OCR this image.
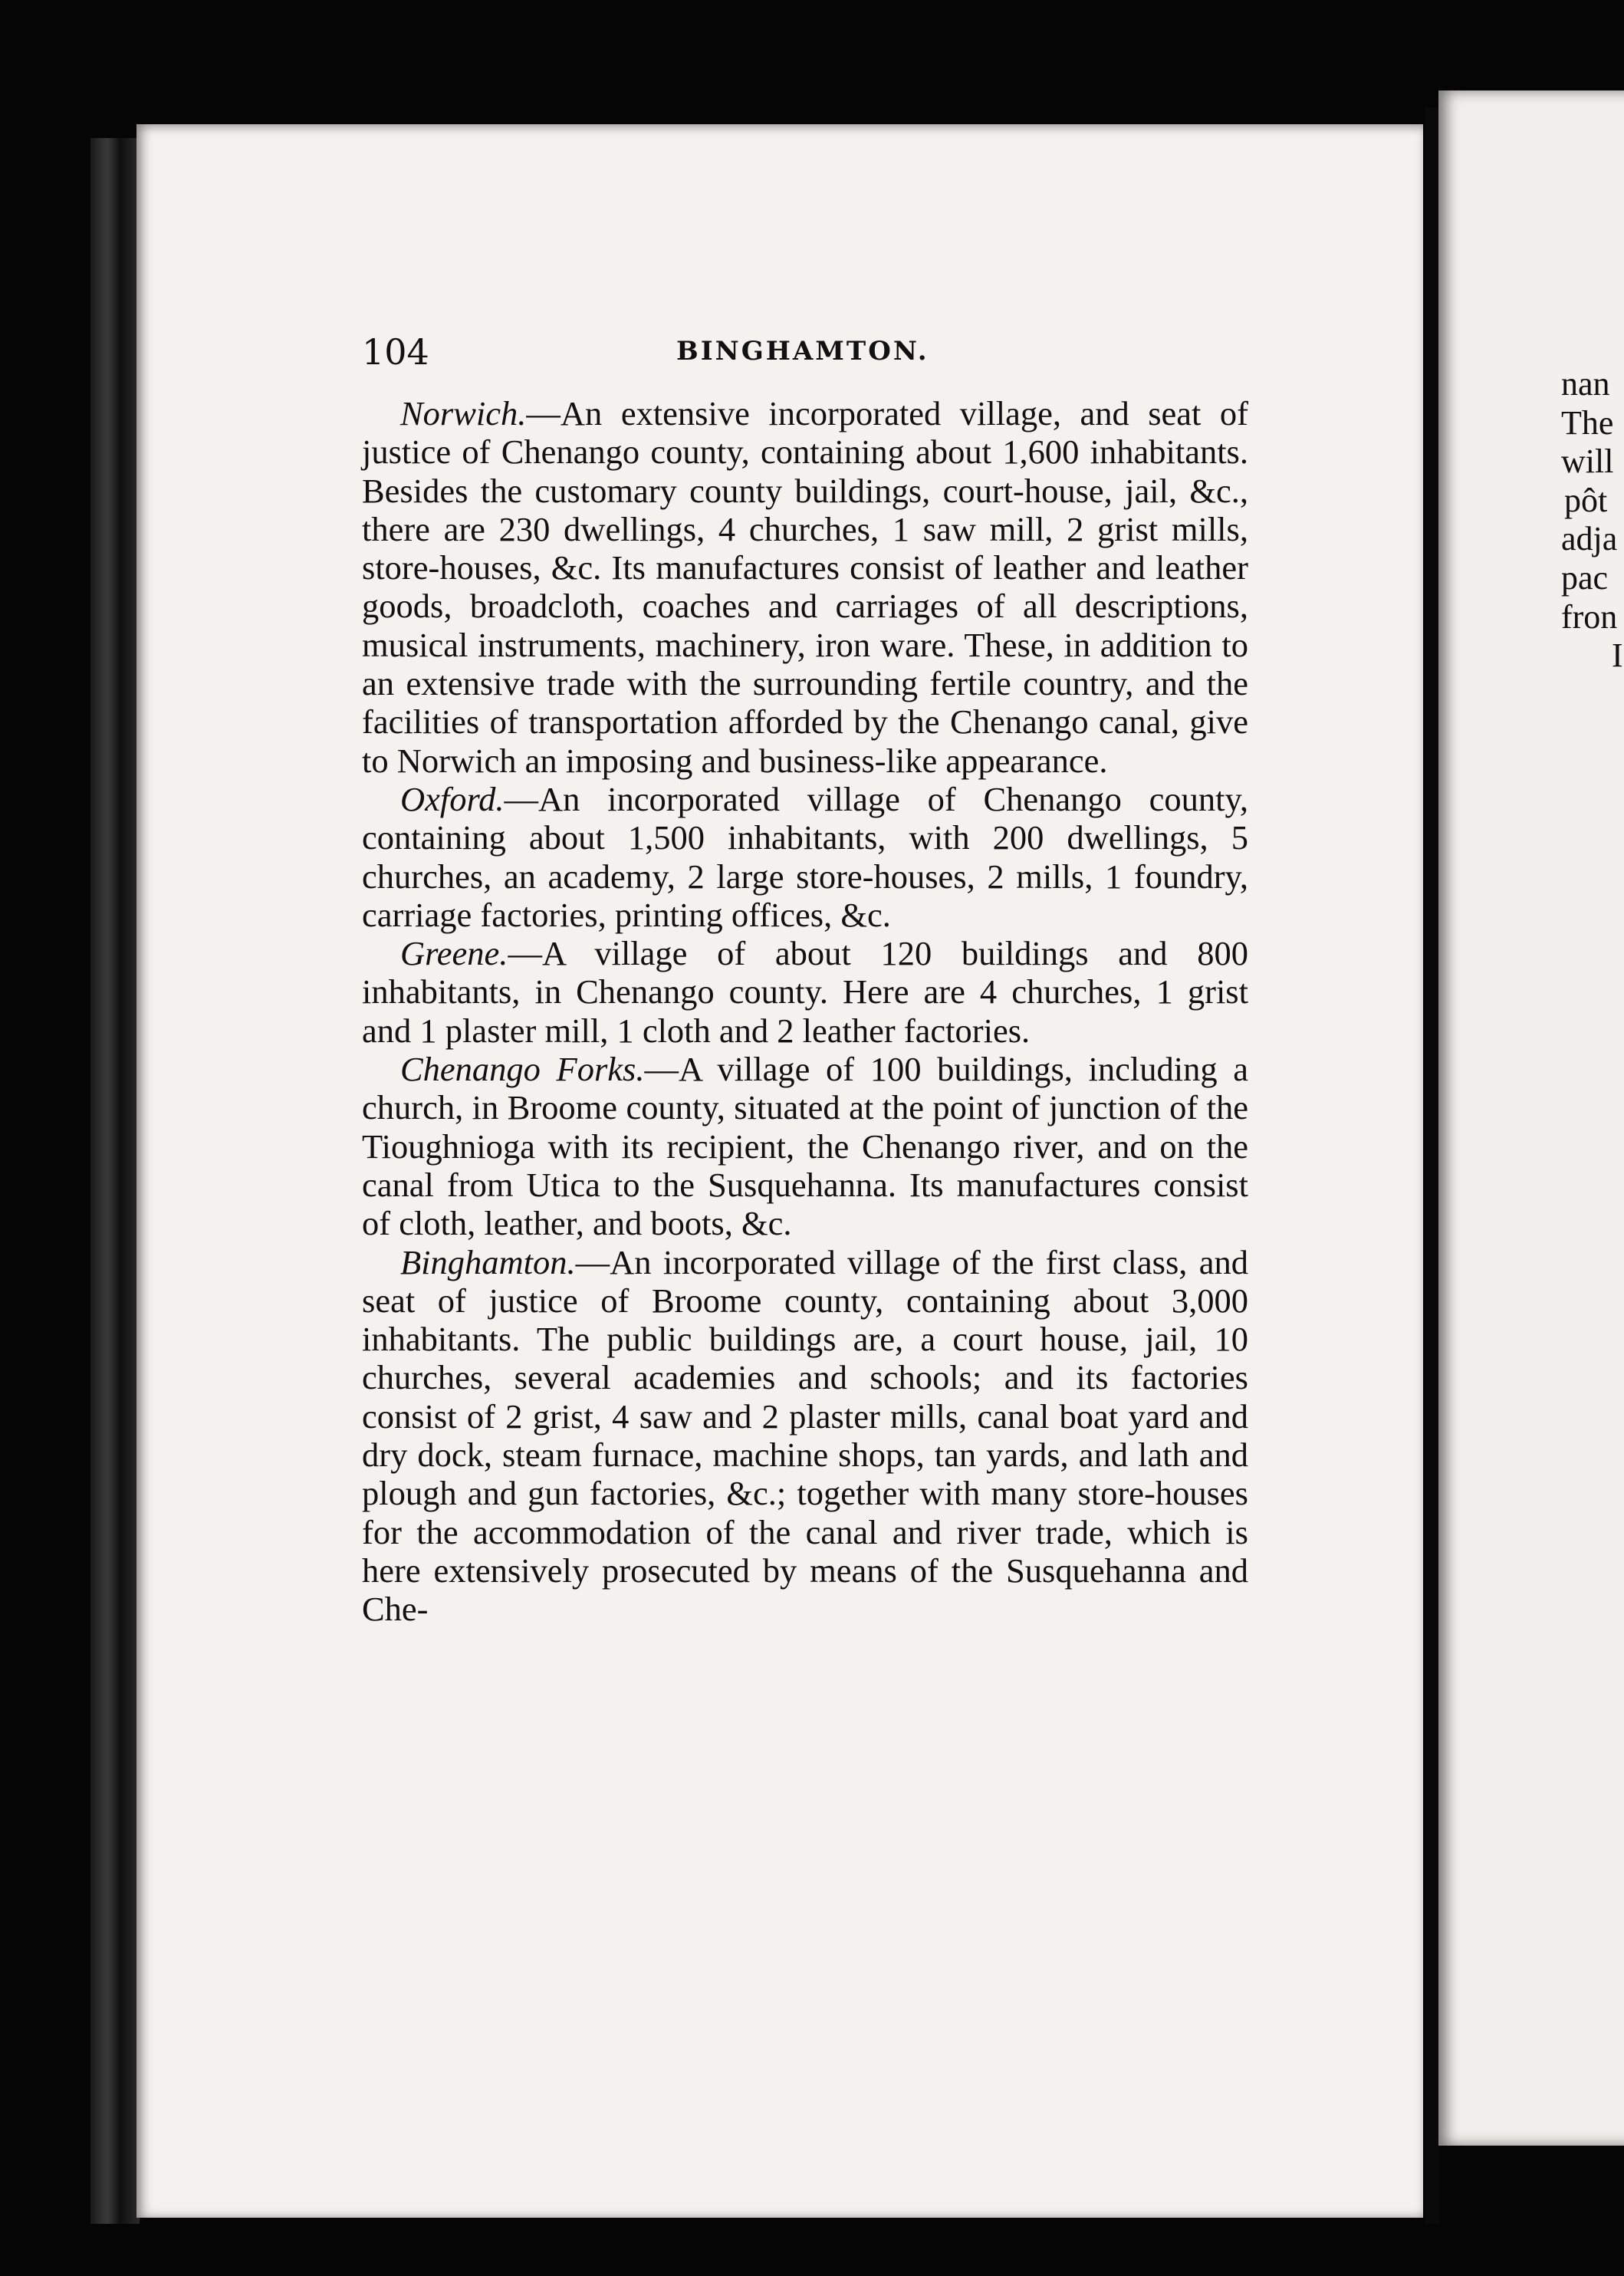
104	BINGHAMTON.

Norwich.—An extensive incorporated village, and seat of justice of Chenango county, containing about 1,600 inhabitants. Besides the customary county buildings, court-house, jail, &c., there are 230 dwellings, 4 churches, 1 saw mill, 2 grist mills, store-houses, &c. Its manufactures consist of leather and leather goods, broadcloth, coaches and carriages of all descriptions, musical instruments, machinery, iron ware. These, in addition to an extensive trade with the surrounding fertile country, and the facilities of transportation afforded by the Chenango canal, give to Norwich an imposing and business-like appearance.

Oxford.—An incorporated village of Chenango county, containing about 1,500 inhabitants, with 200 dwellings, 5 churches, an academy, 2 large store-houses, 2 mills, 1 foundry, carriage factories, printing offices, &c.

Greene.—A village of about 120 buildings and 800 inhabitants, in Chenango county. Here are 4 churches, 1 grist and 1 plaster mill, 1 cloth and 2 leather factories.

Chenango Forks.—A village of 100 buildings, including a church, in Broome county, situated at the point of junction of the Tioughnioga with its recipient, the Chenango river, and on the canal from Utica to the Susquehanna. Its manufactures consist of cloth, leather, and boots, &c.

Binghamton.—An incorporated village of the first class, and seat of justice of Broome county, containing about 3,000 inhabitants. The public buildings are, a court house, jail, 10 churches, several academies and schools; and its factories consist of 2 grist, 4 saw and 2 plaster mills, canal boat yard and dry dock, steam furnace, machine shops, tan yards, and lath and plough and gun factories, &c.; together with many store-houses for the accommodation of the canal and river trade, which is here extensively prosecuted by means of the Susquehanna and Che-

nan
The
will
pôt
adja
pac
fron
I
